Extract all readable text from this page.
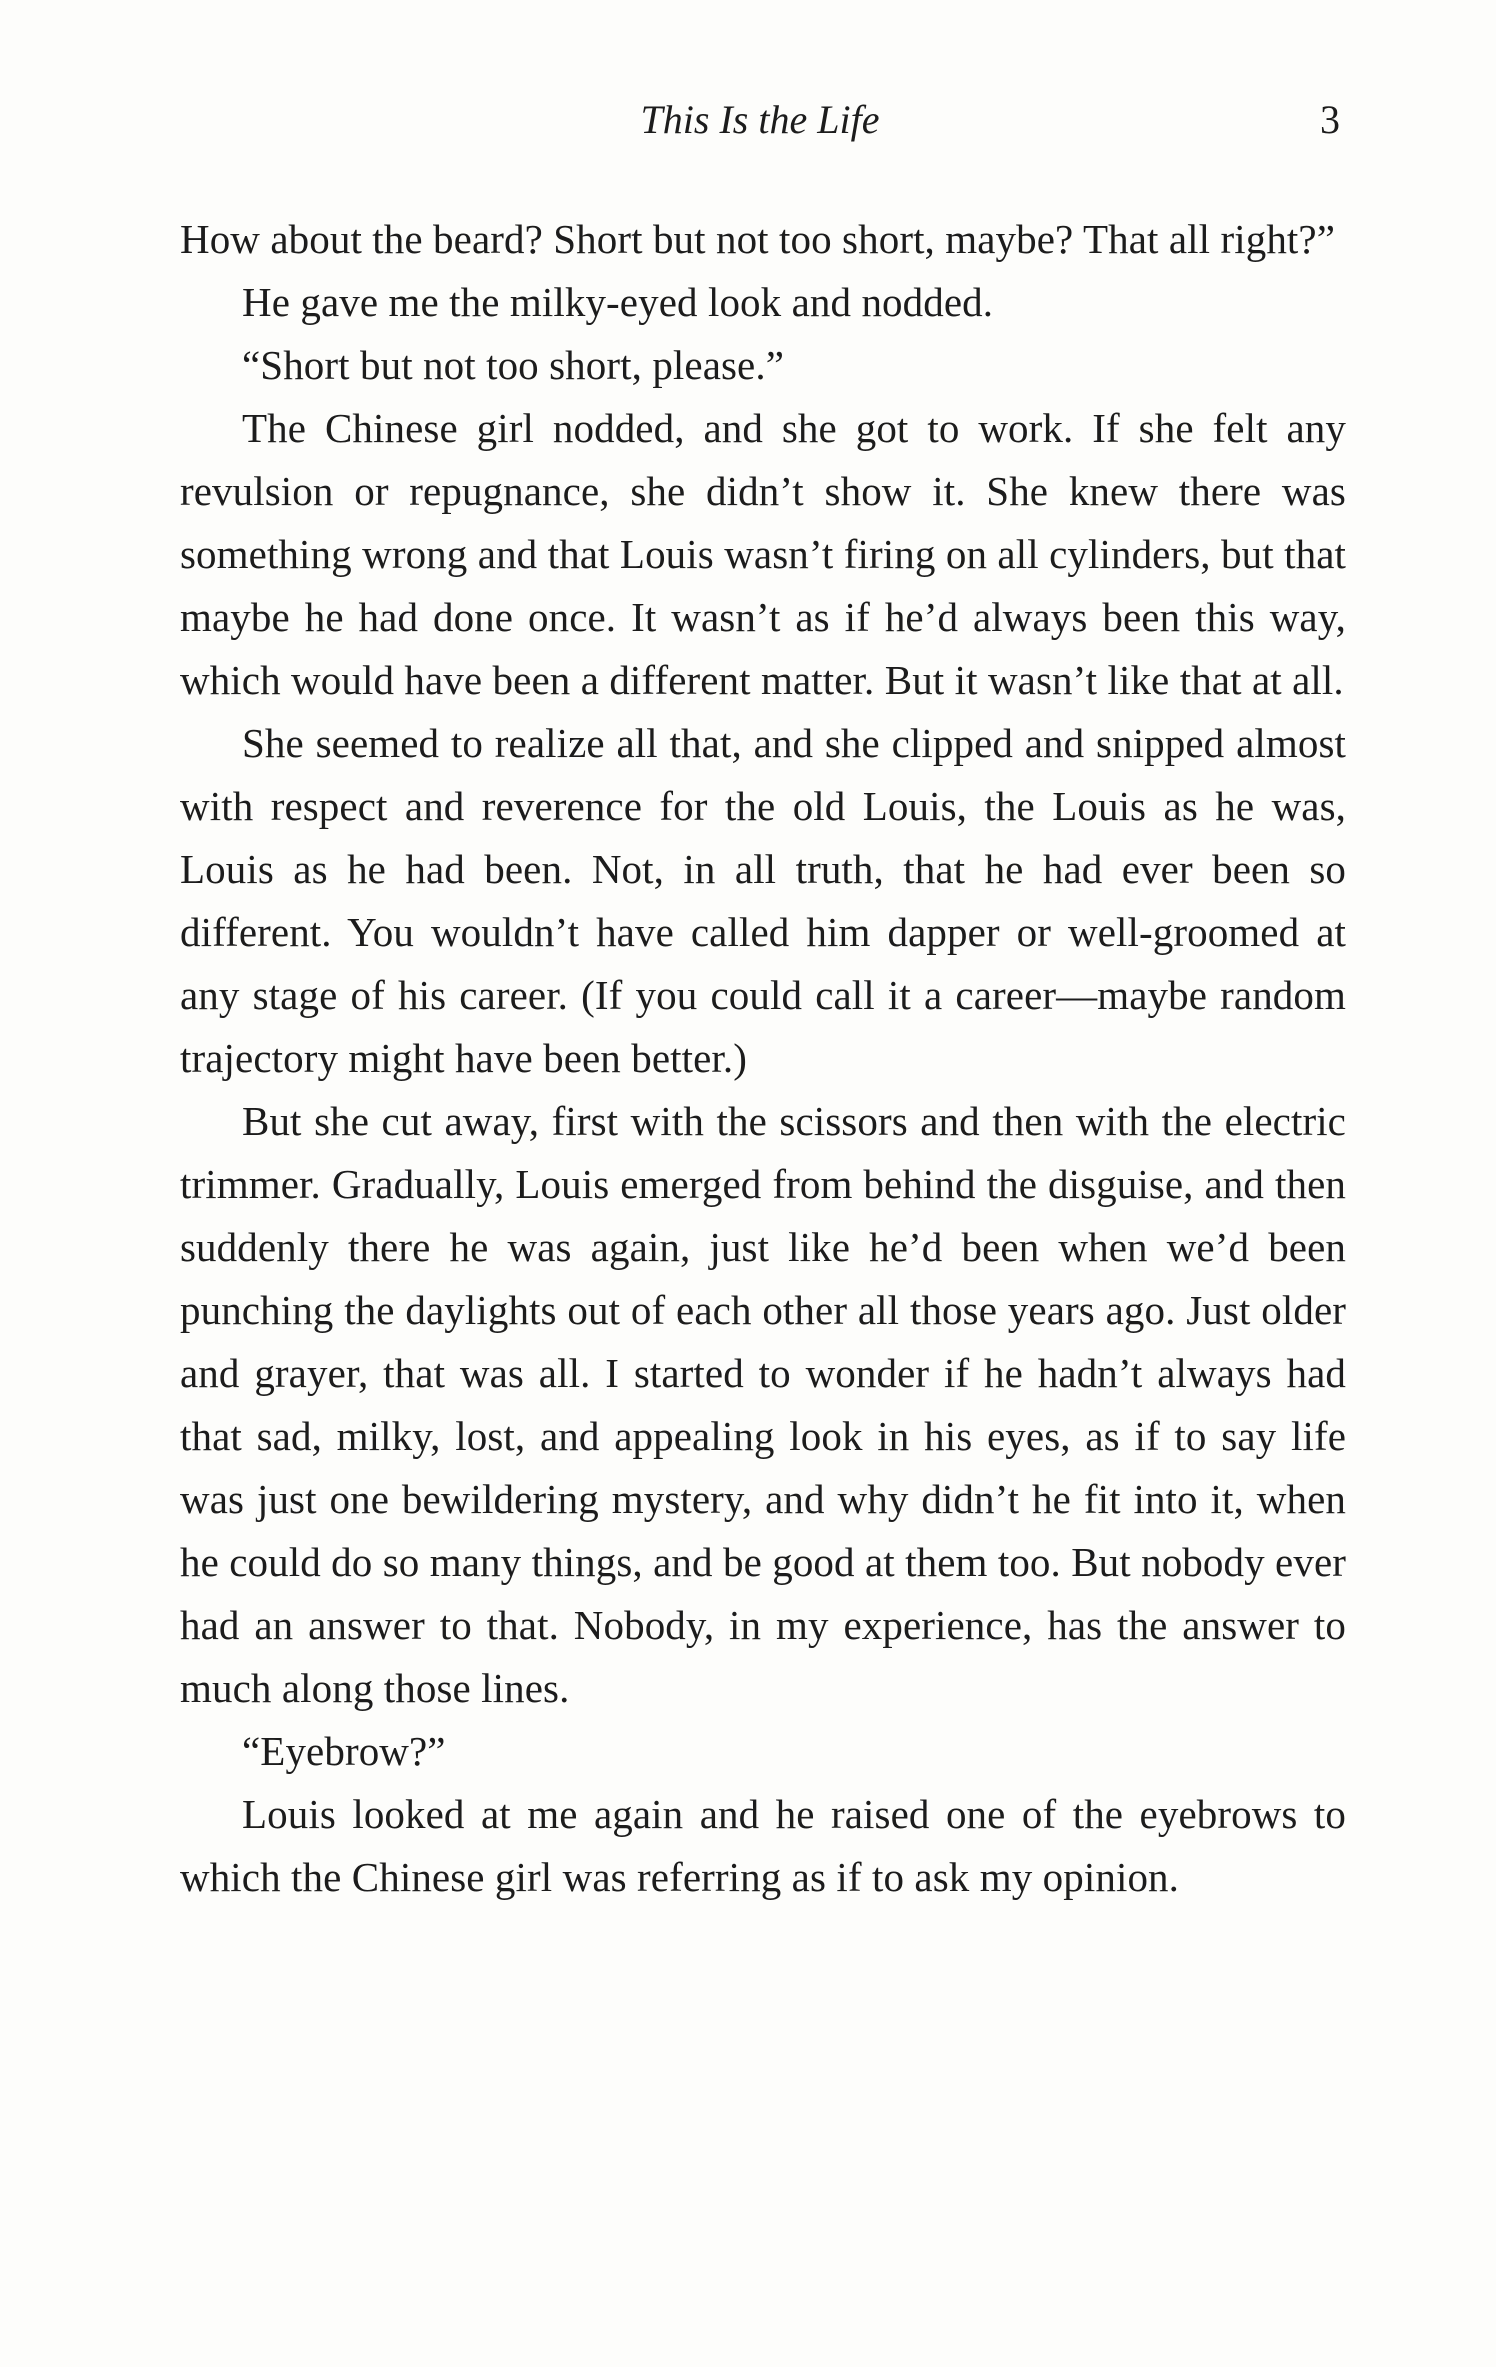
This Is the Life	3

How about the beard? Short but not too short, maybe? That all right?”

He gave me the milky-eyed look and nodded.

“Short but not too short, please.”

The Chinese girl nodded, and she got to work. If she felt any revulsion or repugnance, she didn’t show it. She knew there was something wrong and that Louis wasn’t firing on all cylinders, but that maybe he had done once. It wasn’t as if he’d always been this way, which would have been a different matter. But it wasn’t like that at all.

She seemed to realize all that, and she clipped and snipped almost with respect and reverence for the old Louis, the Louis as he was, Louis as he had been. Not, in all truth, that he had ever been so different. You wouldn’t have called him dapper or well-groomed at any stage of his career. (If you could call it a career—maybe random trajectory might have been better.)

But she cut away, first with the scissors and then with the electric trimmer. Gradually, Louis emerged from behind the disguise, and then suddenly there he was again, just like he’d been when we’d been punching the daylights out of each other all those years ago. Just older and grayer, that was all. I started to wonder if he hadn’t always had that sad, milky, lost, and appealing look in his eyes, as if to say life was just one bewildering mystery, and why didn’t he fit into it, when he could do so many things, and be good at them too. But nobody ever had an answer to that. Nobody, in my experience, has the answer to much along those lines.

“Eyebrow?”

Louis looked at me again and he raised one of the eyebrows to which the Chinese girl was referring as if to ask my opinion.
